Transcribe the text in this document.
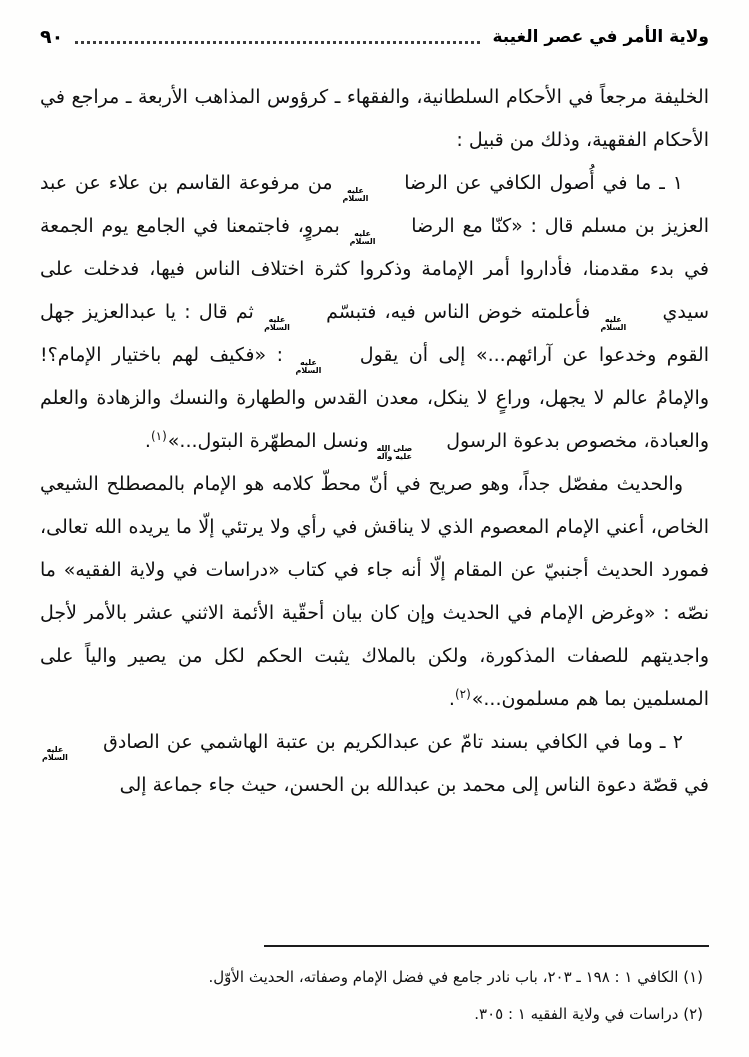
ولاية الأمر في عصر الغيبة
٩٠

الخليفة مرجعاً في الأحكام السلطانية، والفقهاء ـ كرؤوس المذاهب الأربعة ـ مراجع في الأحكام الفقهية، وذلك من قبيل :

١ ـ ما في أُصول الكافي عن الرضا
عليه
السلام
من مرفوعة القاسم بن علاء عن عبد العزيز بن مسلم قال : «كنّا مع الرضا
عليه
السلام
بمروٍ، فاجتمعنا في الجامع يوم الجمعة في بدء مقدمنا، فأداروا أمر الإمامة وذكروا كثرة اختلاف الناس فيها، فدخلت على سيدي
عليه
السلام
فأعلمته خوض الناس فيه، فتبسّم
عليه
السلام
ثم قال : يا عبدالعزيز جهل القوم وخدعوا عن آرائهم...» إلى أن يقول
عليه
السلام
: «فكيف لهم باختيار الإمام؟! والإمامُ عالم لا يجهل، وراعٍ لا ينكل، معدن القدس والطهارة والنسك والزهادة والعلم والعبادة، مخصوص بدعوة الرسول
صلى الله
عليه وآله
ونسل المطهّرة البتول...»$^{(١)}$.

والحديث مفصّل جداً، وهو صريح في أنّ محطّ كلامه هو الإمام بالمصطلح الشيعي الخاص، أعني الإمام المعصوم الذي لا يناقش في رأي ولا يرتئي إلّا ما يريده الله تعالى، فمورد الحديث أجنبيّ عن المقام إلّا أنه جاء في كتاب «دراسات في ولاية الفقيه» ما نصّه : «وغرض الإمام في الحديث وإن كان بيان أحقّية الأئمة الاثني عشر بالأمر لأجل واجديتهم للصفات المذكورة، ولكن بالملاك يثبت الحكم لكل من يصير والياً على المسلمين بما هم مسلمون...»$^{(٢)}$.

٢ ـ وما في الكافي بسند تامّ عن عبدالكريم بن عتبة الهاشمي عن الصادق
عليه
السلام
في قصّة دعوة الناس إلى محمد بن عبدالله بن الحسن، حيث جاء جماعة إلى

(١) الكافي ١ : ١٩٨ ـ ٢٠٣، باب نادر جامع في فضل الإمام وصفاته، الحديث الأوّل.

(٢) دراسات في ولاية الفقيه ١ : ٣٠٥.
